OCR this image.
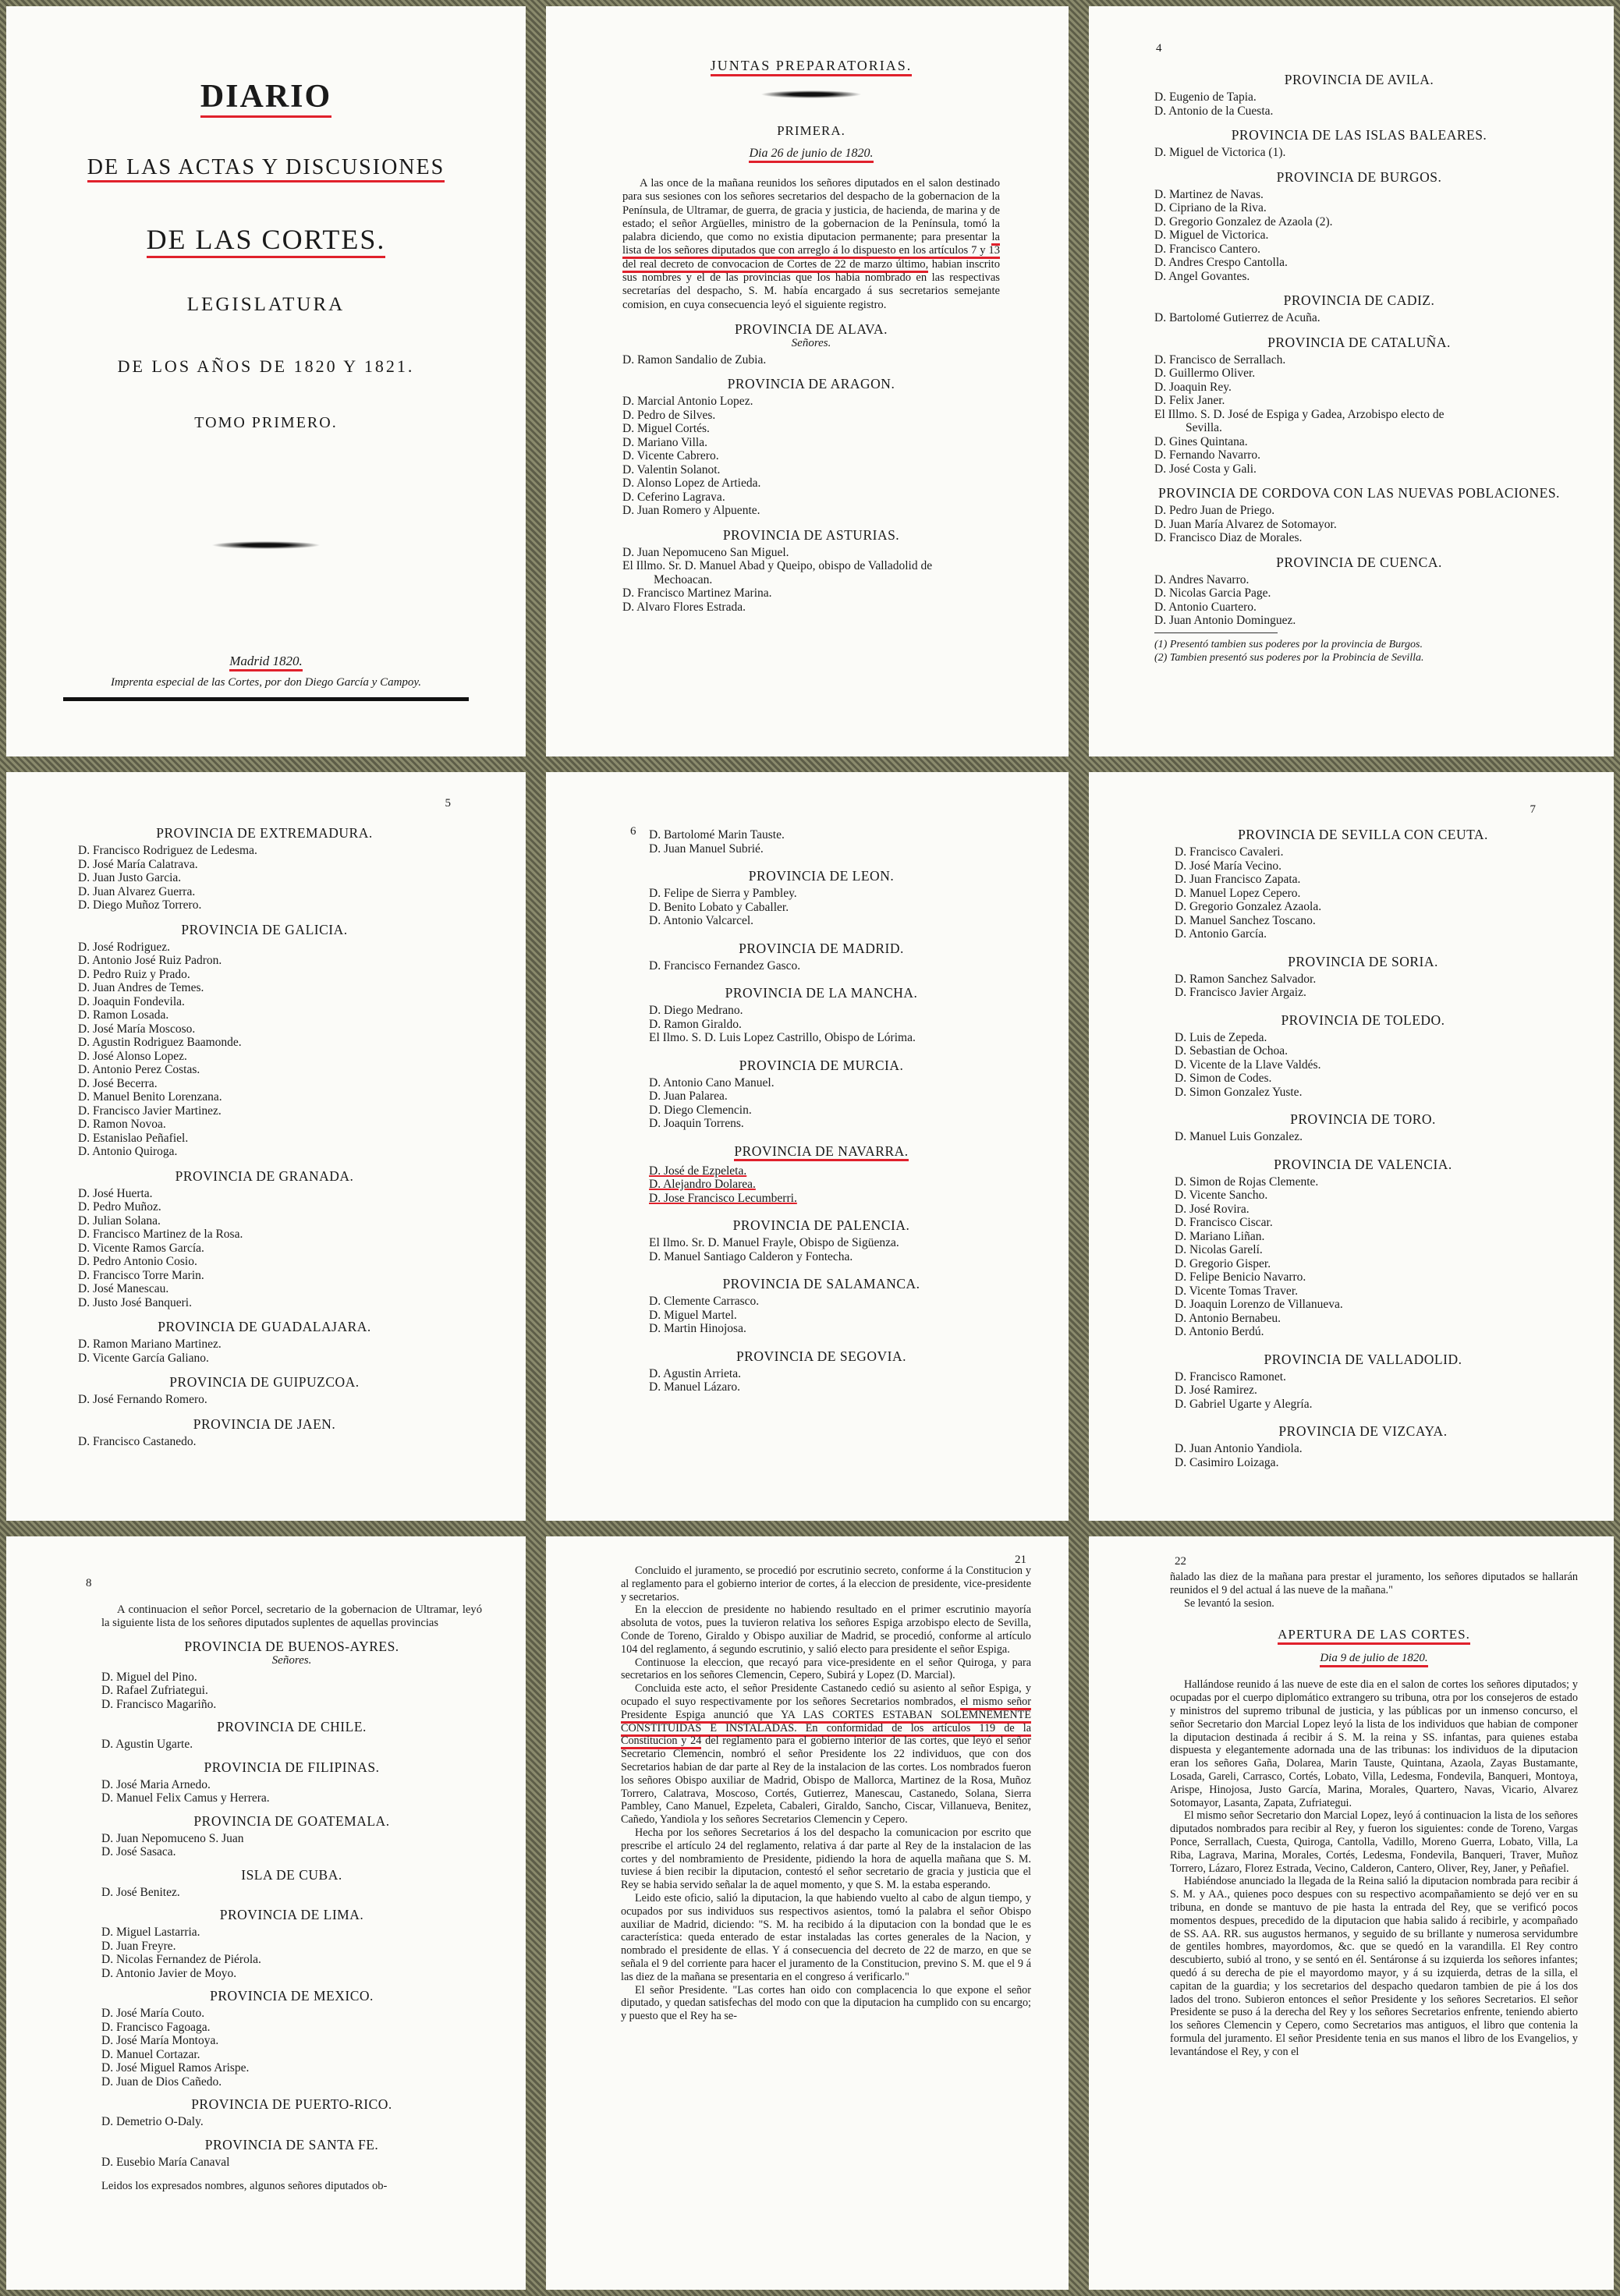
DIARIO
DE LAS ACTAS Y DISCUSIONES
DE LAS CORTES.
LEGISLATURA
DE LOS AÑOS DE 1820 Y 1821.
TOMO PRIMERO.
Madrid 1820.
Imprenta especial de las Cortes, por don Diego García y Campoy.
JUNTAS PREPARATORIAS.
PRIMERA.
Dia 26 de junio de 1820.

A las once de la mañana reunidos los señores diputados en el salon destinado para sus sesiones con los señores secretarios del despacho de la gobernacion de la Península, de Ultramar, de guerra, de gracia y justicia, de hacienda, de marina y de estado; el señor Argüelles, ministro de la gobernacion de la Península, tomó la palabra diciendo, que como no existia diputacion permanente; para presentar la lista de los señores diputados que con arreglo á lo dispuesto en los artículos 7 y 13 del real decreto de convocacion de Cortes de 22 de marzo último, habian inscrito sus nombres y el de las provincias que los habia nombrado en las respectivas secretarías del despacho, S. M. había encargado á sus secretarios semejante comision, en cuya consecuencia leyó el siguiente registro.

PROVINCIA DE ALAVA.
Señores.
D. Ramon Sandalio de Zubia.
PROVINCIA DE ARAGON.
D. Marcial Antonio Lopez.
D. Pedro de Silves.
D. Miguel Cortés.
D. Mariano Villa.
D. Vicente Cabrero.
D. Valentin Solanot.
D. Alonso Lopez de Artieda.
D. Ceferino Lagrava.
D. Juan Romero y Alpuente.
PROVINCIA DE ASTURIAS.
D. Juan Nepomuceno San Miguel.
El Illmo. Sr. D. Manuel Abad y Queipo, obispo de Valladolid de
Mechoacan.
D. Francisco Martinez Marina.
D. Alvaro Flores Estrada.
4
PROVINCIA DE AVILA.
D. Eugenio de Tapia.
D. Antonio de la Cuesta.
PROVINCIA DE LAS ISLAS BALEARES.
D. Miguel de Victorica (1).
PROVINCIA DE BURGOS.
D. Martinez de Navas.
D. Cipriano de la Riva.
D. Gregorio Gonzalez de Azaola (2).
D. Miguel de Victorica.
D. Francisco Cantero.
D. Andres Crespo Cantolla.
D. Angel Govantes.
PROVINCIA DE CADIZ.
D. Bartolomé Gutierrez de Acuña.
PROVINCIA DE CATALUÑA.
D. Francisco de Serrallach.
D. Guillermo Oliver.
D. Joaquin Rey.
D. Felix Janer.
El Illmo. S. D. José de Espiga y Gadea, Arzobispo electo de
Sevilla.
D. Gines Quintana.
D. Fernando Navarro.
D. José Costa y Gali.
PROVINCIA DE CORDOVA CON LAS NUEVAS POBLACIONES.
D. Pedro Juan de Priego.
D. Juan María Alvarez de Sotomayor.
D. Francisco Diaz de Morales.
PROVINCIA DE CUENCA.
D. Andres Navarro.
D. Nicolas Garcia Page.
D. Antonio Cuartero.
D. Juan Antonio Dominguez.
(1) Presentó tambien sus poderes por la provincia de Burgos.
(2) Tambien presentó sus poderes por la Probincia de Sevilla.
5
PROVINCIA DE EXTREMADURA.
D. Francisco Rodriguez de Ledesma.
D. José María Calatrava.
D. Juan Justo Garcia.
D. Juan Alvarez Guerra.
D. Diego Muñoz Torrero.
PROVINCIA DE GALICIA.
D. José Rodriguez.
D. Antonio José Ruiz Padron.
D. Pedro Ruiz y Prado.
D. Juan Andres de Temes.
D. Joaquin Fondevila.
D. Ramon Losada.
D. José María Moscoso.
D. Agustin Rodriguez Baamonde.
D. José Alonso Lopez.
D. Antonio Perez Costas.
D. José Becerra.
D. Manuel Benito Lorenzana.
D. Francisco Javier Martinez.
D. Ramon Novoa.
D. Estanislao Peñafiel.
D. Antonio Quiroga.
PROVINCIA DE GRANADA.
D. José Huerta.
D. Pedro Muñoz.
D. Julian Solana.
D. Francisco Martinez de la Rosa.
D. Vicente Ramos García.
D. Pedro Antonio Cosio.
D. Francisco Torre Marin.
D. José Manescau.
D. Justo José Banqueri.
PROVINCIA DE GUADALAJARA.
D. Ramon Mariano Martinez.
D. Vicente García Galiano.
PROVINCIA DE GUIPUZCOA.
D. José Fernando Romero.
PROVINCIA DE JAEN.
D. Francisco Castanedo.
6 D. Bartolomé Marin Tauste.
D. Juan Manuel Subrié.
PROVINCIA DE LEON.
D. Felipe de Sierra y Pambley.
D. Benito Lobato y Caballer.
D. Antonio Valcarcel.
PROVINCIA DE MADRID.
D. Francisco Fernandez Gasco.
PROVINCIA DE LA MANCHA.
D. Diego Medrano.
D. Ramon Giraldo.
El Ilmo. S. D. Luis Lopez Castrillo, Obispo de Lórima.
PROVINCIA DE MURCIA.
D. Antonio Cano Manuel.
D. Juan Palarea.
D. Diego Clemencin.
D. Joaquin Torrens.
PROVINCIA DE NAVARRA.
D. José de Ezpeleta.
D. Alejandro Dolarea.
D. Jose Francisco Lecumberri.
PROVINCIA DE PALENCIA.
El Ilmo. Sr. D. Manuel Frayle, Obispo de Sigüenza.
D. Manuel Santiago Calderon y Fontecha.
PROVINCIA DE SALAMANCA.
D. Clemente Carrasco.
D. Miguel Martel.
D. Martin Hinojosa.
PROVINCIA DE SEGOVIA.
D. Agustin Arrieta.
D. Manuel Lázaro.
7
PROVINCIA DE SEVILLA CON CEUTA.
D. Francisco Cavaleri.
D. José María Vecino.
D. Juan Francisco Zapata.
D. Manuel Lopez Cepero.
D. Gregorio Gonzalez Azaola.
D. Manuel Sanchez Toscano.
D. Antonio García.
PROVINCIA DE SORIA.
D. Ramon Sanchez Salvador.
D. Francisco Javier Argaiz.
PROVINCIA DE TOLEDO.
D. Luis de Zepeda.
D. Sebastian de Ochoa.
D. Vicente de la Llave Valdés.
D. Simon de Codes.
D. Simon Gonzalez Yuste.
PROVINCIA DE TORO.
D. Manuel Luis Gonzalez.
PROVINCIA DE VALENCIA.
D. Simon de Rojas Clemente.
D. Vicente Sancho.
D. José Rovira.
D. Francisco Ciscar.
D. Mariano Liñan.
D. Nicolas Garelí.
D. Gregorio Gisper.
D. Felipe Benicio Navarro.
D. Vicente Tomas Traver.
D. Joaquin Lorenzo de Villanueva.
D. Antonio Bernabeu.
D. Antonio Berdú.
PROVINCIA DE VALLADOLID.
D. Francisco Ramonet.
D. José Ramirez.
D. Gabriel Ugarte y Alegría.
PROVINCIA DE VIZCAYA.
D. Juan Antonio Yandiola.
D. Casimiro Loizaga.
8

A continuacion el señor Porcel, secretario de la gobernacion de Ultramar, leyó la siguiente lista de los señores diputados suplentes de aquellas provincias

PROVINCIA DE BUENOS-AYRES.
Señores.
D. Miguel del Pino.
D. Rafael Zufriategui.
D. Francisco Magariño.
PROVINCIA DE CHILE.
D. Agustin Ugarte.
PROVINCIA DE FILIPINAS.
D. José Maria Arnedo.
D. Manuel Felix Camus y Herrera.
PROVINCIA DE GOATEMALA.
D. Juan Nepomuceno S. Juan
D. José Sasaca.
ISLA DE CUBA.
D. José Benitez.
PROVINCIA DE LIMA.
D. Miguel Lastarria.
D. Juan Freyre.
D. Nicolas Fernandez de Piérola.
D. Antonio Javier de Moyo.
PROVINCIA DE MEXICO.
D. José María Couto.
D. Francisco Fagoaga.
D. José María Montoya.
D. Manuel Cortazar.
D. José Miguel Ramos Arispe.
D. Juan de Dios Cañedo.
PROVINCIA DE PUERTO-RICO.
D. Demetrio O-Daly.
PROVINCIA DE SANTA FE.
D. Eusebio María Canaval

Leidos los expresados nombres, algunos señores diputados ob-

21

Concluido el juramento, se procedió por escrutinio secreto, conforme á la Constitucion y al reglamento para el gobierno interior de cortes, á la eleccion de presidente, vice-presidente y secretarios.

En la eleccion de presidente no habiendo resultado en el primer escrutinio mayoría absoluta de votos, pues la tuvieron relativa los señores Espiga arzobispo electo de Sevilla, Conde de Toreno, Giraldo y Obispo auxiliar de Madrid, se procedió, conforme al artículo 104 del reglamento, á segundo escrutinio, y salió electo para presidente el señor Espiga.

Continuose la eleccion, que recayó para vice-presidente en el señor Quiroga, y para secretarios en los señores Clemencin, Cepero, Subirá y Lopez (D. Marcial).

Concluida este acto, el señor Presidente Castanedo cedió su asiento al señor Espiga, y ocupado el suyo respectivamente por los señores Secretarios nombrados, el mismo señor Presidente Espiga anunció que YA LAS CORTES ESTABAN SOLEMNEMENTE CONSTITUIDAS E INSTALADAS. En conformidad de los artículos 119 de la Constitucion y 24 del reglamento para el gobierno interior de las cortes, que leyó el señor Secretario Clemencin, nombró el señor Presidente los 22 individuos, que con dos Secretarios habian de dar parte al Rey de la instalacion de las cortes. Los nombrados fueron los señores Obispo auxiliar de Madrid, Obispo de Mallorca, Martinez de la Rosa, Muñoz Torrero, Calatrava, Moscoso, Cortés, Gutierrez, Manescau, Castanedo, Solana, Sierra Pambley, Cano Manuel, Ezpeleta, Cabaleri, Giraldo, Sancho, Ciscar, Villanueva, Benitez, Cañedo, Yandiola y los señores Secretarios Clemencin y Cepero.

Hecha por los señores Secretarios á los del despacho la comunicacion por escrito que prescribe el artículo 24 del reglamento, relativa á dar parte al Rey de la instalacion de las cortes y del nombramiento de Presidente, pidiendo la hora de aquella mañana que S. M. tuviese á bien recibir la diputacion, contestó el señor secretario de gracia y justicia que el Rey se habia servido señalar la de aquel momento, y que S. M. la estaba esperando.

Leido este oficio, salió la diputacion, la que habiendo vuelto al cabo de algun tiempo, y ocupados por sus individuos sus respectivos asientos, tomó la palabra el señor Obispo auxiliar de Madrid, diciendo: "S. M. ha recibido á la diputacion con la bondad que le es característica: queda enterado de estar instaladas las cortes generales de la Nacion, y nombrado el presidente de ellas. Y á consecuencia del decreto de 22 de marzo, en que se señala el 9 del corriente para hacer el juramento de la Constitucion, previno S. M. que el 9 á las diez de la mañana se presentaria en el congreso á verificarlo."

El señor Presidente. "Las cortes han oido con complacencia lo que expone el señor diputado, y quedan satisfechas del modo con que la diputacion ha cumplido con su encargo; y puesto que el Rey ha se-

22

ñalado las diez de la mañana para prestar el juramento, los señores diputados se hallarán reunidos el 9 del actual á las nueve de la mañana."

Se levantó la sesion.

APERTURA DE LAS CORTES.
Dia 9 de julio de 1820.

Hallándose reunido á las nueve de este dia en el salon de cortes los señores diputados; y ocupadas por el cuerpo diplomático extrangero su tribuna, otra por los consejeros de estado y ministros del supremo tribunal de justicia, y las públicas por un inmenso concurso, el señor Secretario don Marcial Lopez leyó la lista de los individuos que habian de componer la diputacion destinada á recibir á S. M. la reina y SS. infantas, para quienes estaba dispuesta y elegantemente adornada una de las tribunas: los individuos de la diputacion eran los señores Gaña, Dolarea, Marin Tauste, Quintana, Azaola, Zayas Bustamante, Losada, Gareli, Carrasco, Cortés, Lobato, Villa, Ledesma, Fondevila, Banqueri, Montoya, Arispe, Hinojosa, Justo García, Marina, Morales, Quartero, Navas, Vicario, Alvarez Sotomayor, Lasanta, Zapata, Zufriategui.

El mismo señor Secretario don Marcial Lopez, leyó á continuacion la lista de los señores diputados nombrados para recibir al Rey, y fueron los siguientes: conde de Toreno, Vargas Ponce, Serrallach, Cuesta, Quiroga, Cantolla, Vadillo, Moreno Guerra, Lobato, Villa, La Riba, Lagrava, Marina, Morales, Cortés, Ledesma, Fondevila, Banqueri, Traver, Muñoz Torrero, Lázaro, Florez Estrada, Vecino, Calderon, Cantero, Oliver, Rey, Janer, y Peñafiel.

Habiéndose anunciado la llegada de la Reina salió la diputacion nombrada para recibir á S. M. y AA., quienes poco despues con su respectivo acompañamiento se dejó ver en su tribuna, en donde se mantuvo de pie hasta la entrada del Rey, que se verificó pocos momentos despues, precedido de la diputacion que habia salido á recibirle, y acompañado de SS. AA. RR. sus augustos hermanos, y seguido de su brillante y numerosa servidumbre de gentiles hombres, mayordomos, &c. que se quedó en la varandilla. El Rey contro descubierto, subió al trono, y se sentó en él. Sentáronse á su izquierda los señores infantes; quedó á su derecha de pie el mayordomo mayor, y á su izquierda, detras de la silla, el capitan de la guardia; y los secretarios del despacho quedaron tambien de pie á los dos lados del trono. Subieron entonces el señor Presidente y los señores Secretarios. El señor Presidente se puso á la derecha del Rey y los señores Secretarios enfrente, teniendo abierto los señores Clemencin y Cepero, como Secretarios mas antiguos, el libro que contenia la formula del juramento. El señor Presidente tenia en sus manos el libro de los Evangelios, y levantándose el Rey, y con el
